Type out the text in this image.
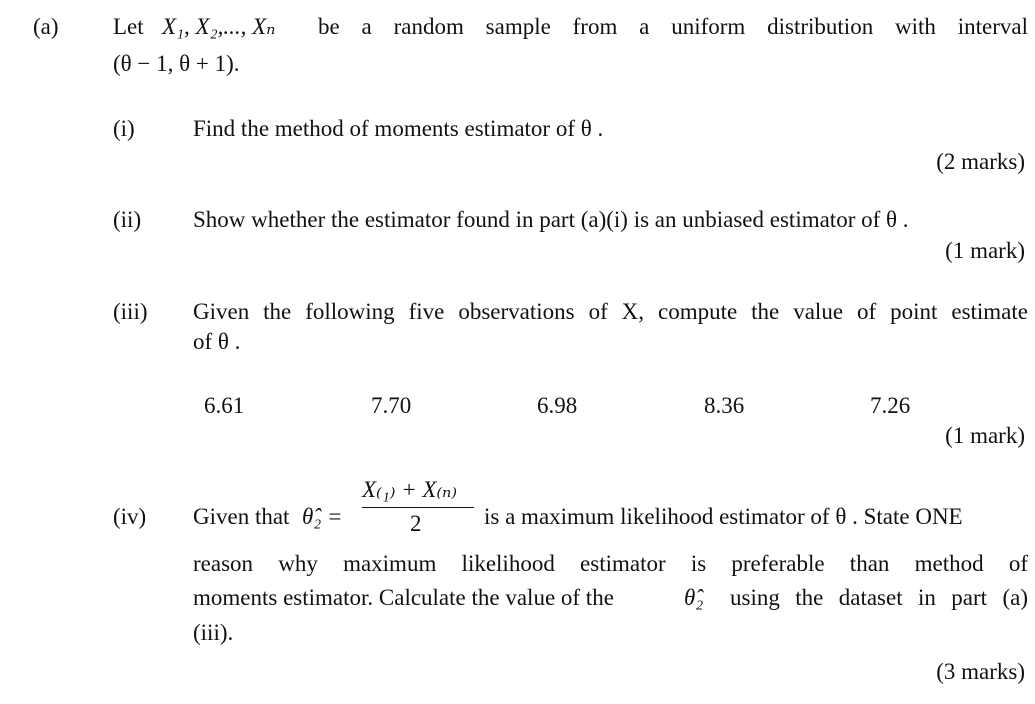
(a) Let X₁, X₂,..., Xₙ be a random sample from a uniform distribution with interval
(θ − 1, θ + 1).
(i)	Find the method of moments estimator of θ .
(2 marks)
(ii) Show whether the estimator found in part (a)(i) is an unbiased estimator of θ .
(1 mark)
(iii) Given the following five observations of X, compute the value of point estimate
of θ .
6.61	7.70	6.98	8.36	7.26
(1 mark)
(iv) Given that θ̂₂ =
X₍₁₎ + X₍ₙ₎
2	is a maximum likelihood estimator of θ . State ONE
reason why maximum likelihood estimator is preferable than method of
moments estimator. Calculate the value of the	θ̂₂ using the dataset in part (a)
(iii).
(3 marks)
